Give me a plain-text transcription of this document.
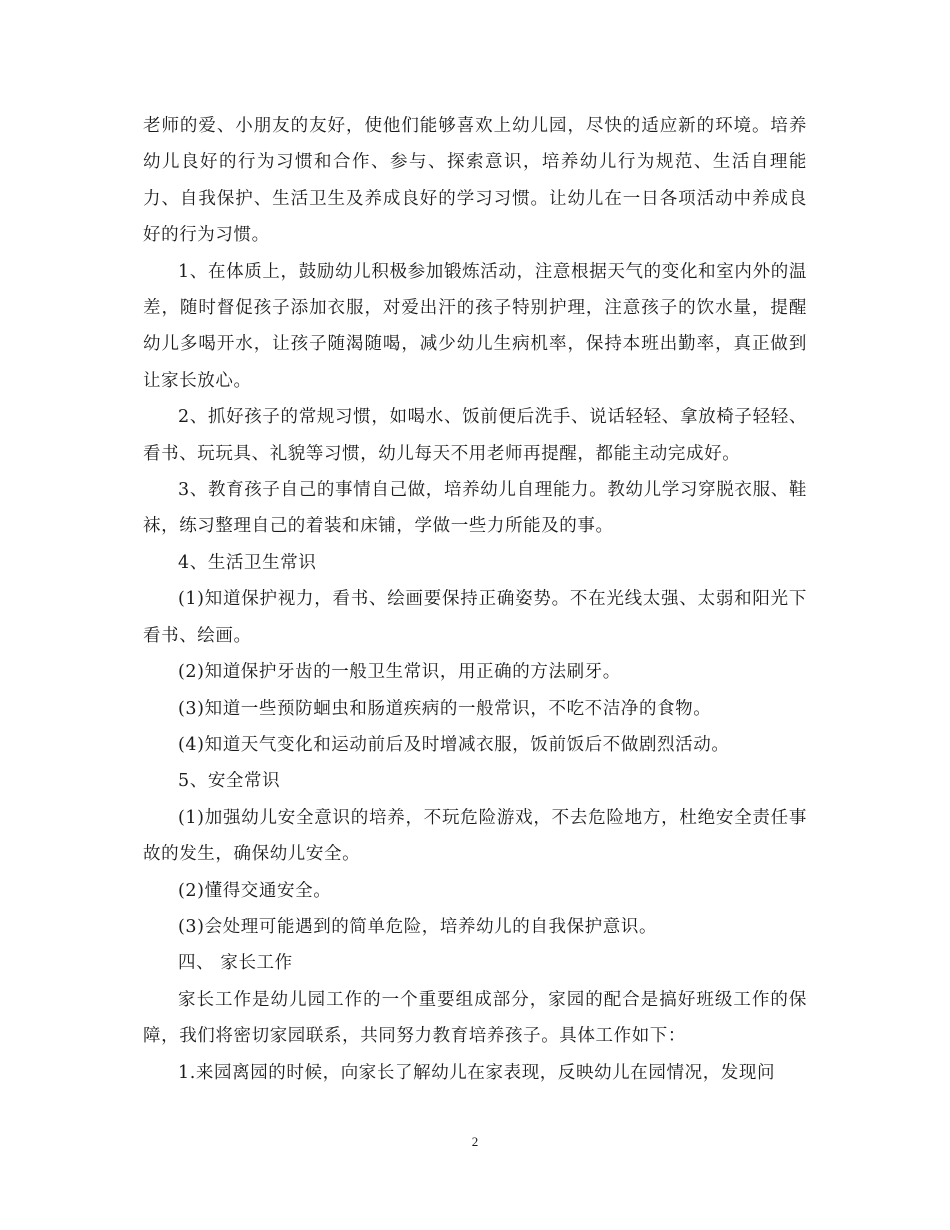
老师的爱、小朋友的友好，使他们能够喜欢上幼儿园，尽快的适应新的环境。培养幼儿良好的行为习惯和合作、参与、探索意识，培养幼儿行为规范、生活自理能力、自我保护、生活卫生及养成良好的学习习惯。让幼儿在一日各项活动中养成良好的行为习惯。

1、在体质上，鼓励幼儿积极参加锻炼活动，注意根据天气的变化和室内外的温差，随时督促孩子添加衣服，对爱出汗的孩子特别护理，注意孩子的饮水量，提醒幼儿多喝开水，让孩子随渴随喝，减少幼儿生病机率，保持本班出勤率，真正做到让家长放心。

2、抓好孩子的常规习惯，如喝水、饭前便后洗手、说话轻轻、拿放椅子轻轻、看书、玩玩具、礼貌等习惯，幼儿每天不用老师再提醒，都能主动完成好。

3、教育孩子自己的事情自己做，培养幼儿自理能力。教幼儿学习穿脱衣服、鞋袜，练习整理自己的着装和床铺，学做一些力所能及的事。

4、生活卫生常识

(1)知道保护视力，看书、绘画要保持正确姿势。不在光线太强、太弱和阳光下看书、绘画。

(2)知道保护牙齿的一般卫生常识，用正确的方法刷牙。

(3)知道一些预防蛔虫和肠道疾病的一般常识，不吃不洁净的食物。

(4)知道天气变化和运动前后及时增减衣服，饭前饭后不做剧烈活动。

5、安全常识

(1)加强幼儿安全意识的培养，不玩危险游戏，不去危险地方，杜绝安全责任事故的发生，确保幼儿安全。

(2)懂得交通安全。

(3)会处理可能遇到的简单危险，培养幼儿的自我保护意识。

四、 家长工作

家长工作是幼儿园工作的一个重要组成部分，家园的配合是搞好班级工作的保障，我们将密切家园联系，共同努力教育培养孩子。具体工作如下：

1.来园离园的时候，向家长了解幼儿在家表现，反映幼儿在园情况，发现问

2
